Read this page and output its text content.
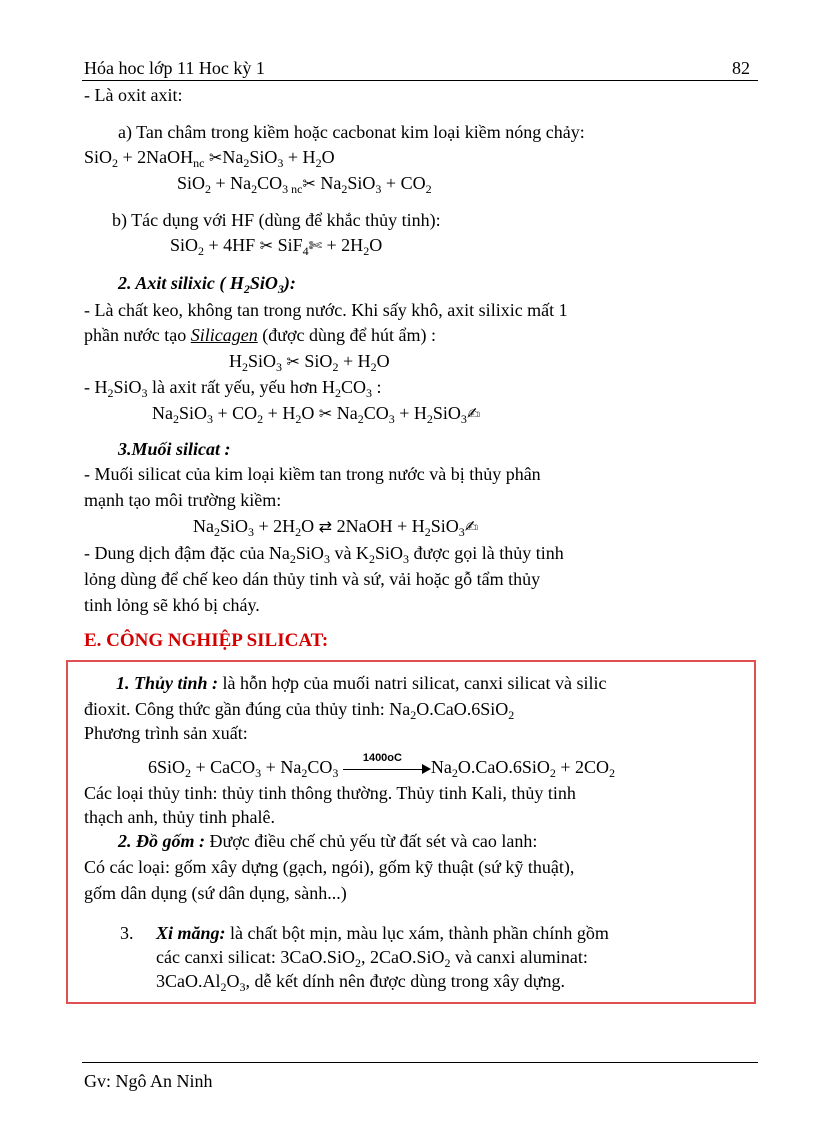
Hóa hoc lớp 11 Hoc kỳ 1	82
- Là oxit axit:
a) Tan châm trong kiềm hoặc cacbonat kim loại kiềm nóng chảy:
SiO$_2$ + 2NaOH$_{nc}$ $✂Na_2SiO_3 + H_2O$
$SiO_2 + Na_2CO_{3 nc}✂$ $Na_2SiO_3 + CO_2$
b) Tác dụng với HF (dùng để khắc thủy tinh):
SiO$_2$ + 4HF ✂ SiF$_4$✄ + $2H_2O$
2. Axit silixic ( $H_2SiO_3$):
- Là chất keo, không tan trong nước. Khi sấy khô, axit silixic mất 1
phần nước tạo Silicagen (được dùng để hút ẩm) :
$H_2SiO_3$ ✂ $SiO_2 + H_2O$
- $H_2SiO_3$ là axit rất yếu, yếu hơn $H_2CO_3$ :
$Na_2SiO_3 + CO_2 + H_2O$ ✂ $Na_2CO_3$ + $H_2SiO_3✍$
3.Muối silicat :
- Muối silicat của kim loại kiềm tan trong nước và bị thủy phân
mạnh tạo môi trường kiềm:
$Na_2SiO_3 + 2H_2O$ ⇄ 2NaOH + $H_2SiO_3✍$
- Dung dịch đậm đặc của $Na_2SiO_3$ và $K_2SiO_3$ được gọi là thủy tinh
lỏng dùng để chế keo dán thủy tinh và sứ, vải hoặc gỗ tẩm thủy
tinh lỏng sẽ khó bị cháy.
E. CÔNG NGHIỆP SILICAT:
1. Thủy tinh : là hỗn hợp của muối natri silicat, canxi silicat và silic
đioxit. Công thức gần đúng của thủy tinh: $Na_2O.CaO.6SiO_2$
Phương trình sản xuất:
6SiO$_2$ + CaCO$_3$ + $Na_2CO_3$
1400oC $Na_2O.CaO.6SiO_2 + 2CO_2$
Các loại thủy tinh: thủy tinh thông thường. Thủy tinh Kali, thủy tinh
thạch anh, thủy tinh phalê.
2. Đồ gốm : Được điều chế chủ yếu từ đất sét và cao lanh:
Có các loại: gốm xây dựng (gạch, ngói), gốm kỹ thuật (sứ kỹ thuật),
gốm dân dụng (sứ dân dụng, sành...)
3. Xi măng: là chất bột mịn, màu lục xám, thành phần chính gồm
các canxi silicat: 3CaO.SiO$_2$, 2CaO.SiO$_2$ và canxi aluminat:
$3CaO.Al_2O_3$, dễ kết dính nên được dùng trong xây dựng.
Gv: Ngô An Ninh
